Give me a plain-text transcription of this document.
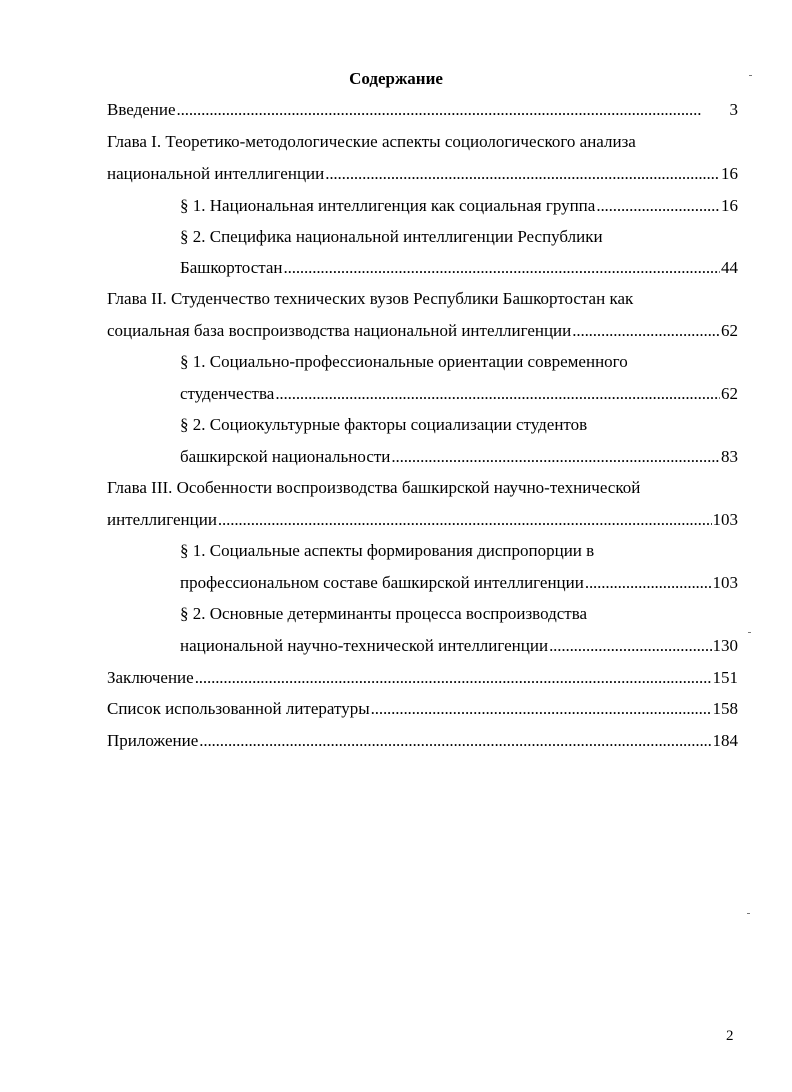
Содержание
Введение . . .	3
Глава I. Теоретико-методологические аспекты социологического анализа
национальной интеллигенции . . .	16
§ 1. Национальная интеллигенция как социальная группа . . .	16
§ 2. Специфика национальной интеллигенции Республики
Башкортостан . . .	44
Глава II. Студенчество технических вузов Республики Башкортостан как
социальная база воспроизводства национальной интеллигенции . . .	62
§ 1. Социально-профессиональные ориентации современного
студенчества . . .	62
§ 2. Социокультурные факторы социализации студентов
башкирской национальности . . .	83
Глава III. Особенности воспроизводства башкирской научно-технической
интеллигенции . . .	103
§ 1. Социальные аспекты формирования диспропорции в
профессиональном составе башкирской интеллигенции . . .	103
§ 2. Основные детерминанты процесса воспроизводства
национальной научно-технической интеллигенции . . .	130
Заключение . . .	151
Список использованной литературы . . .	158
Приложение . . .	184
2
